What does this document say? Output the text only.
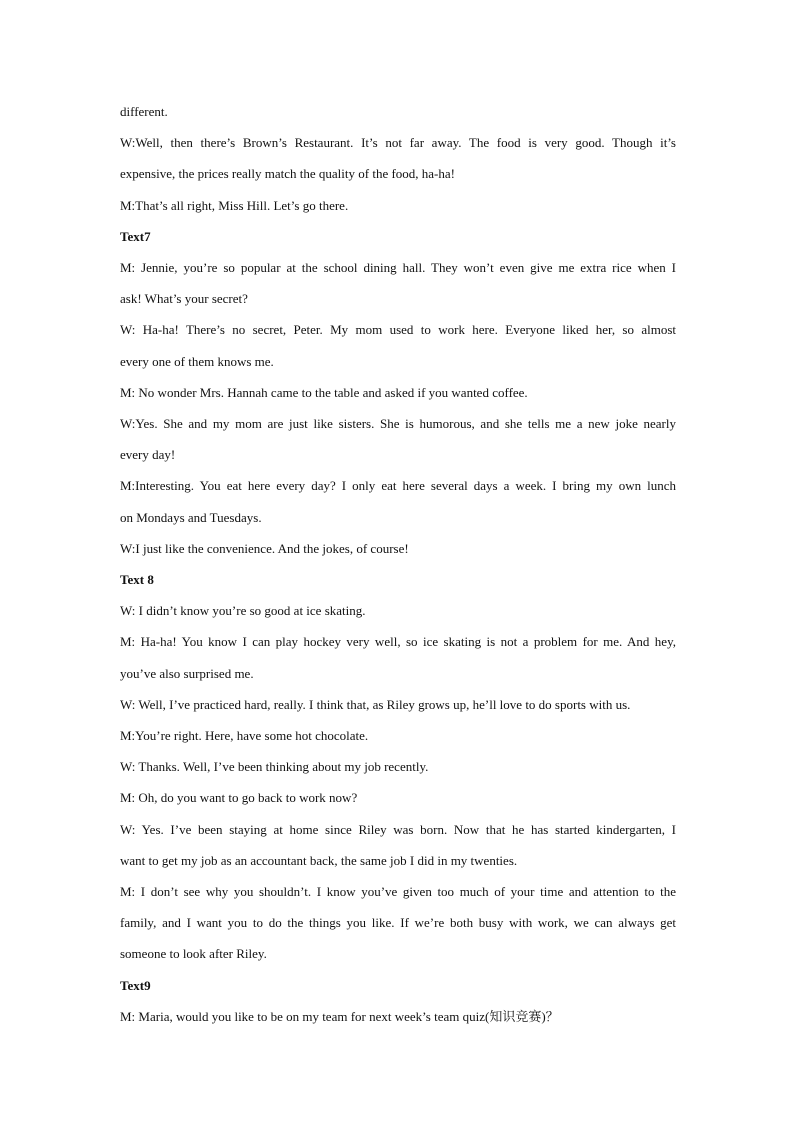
different.
W:Well, then there’s Brown’s Restaurant. It’s not far away. The food is very good. Though it’s
expensive, the prices really match the quality of the food, ha-ha!
M:That’s all right, Miss Hill. Let’s go there.
Text7
M: Jennie, you’re so popular at the school dining hall. They won’t even give me extra rice when I
ask! What’s your secret?
W: Ha-ha! There’s no secret, Peter. My mom used to work here. Everyone liked her, so almost
every one of them knows me.
M: No wonder Mrs. Hannah came to the table and asked if you wanted coffee.
W:Yes. She and my mom are just like sisters. She is humorous, and she tells me a new joke nearly
every day!
M:Interesting. You eat here every day? I only eat here several days a week. I bring my own lunch
on Mondays and Tuesdays.
W:I just like the convenience. And the jokes, of course!
Text 8
W: I didn’t know you’re so good at ice skating.
M: Ha-ha! You know I can play hockey very well, so ice skating is not a problem for me. And hey,
you’ve also surprised me.
W: Well, I’ve practiced hard, really. I think that, as Riley grows up, he’ll love to do sports with us.
M:You’re right. Here, have some hot chocolate.
W: Thanks. Well, I’ve been thinking about my job recently.
M: Oh, do you want to go back to work now?
W: Yes. I’ve been staying at home since Riley was born. Now that he has started kindergarten, I
want to get my job as an accountant back, the same job I did in my twenties.
M: I don’t see why you shouldn’t. I know you’ve given too much of your time and attention to the
family, and I want you to do the things you like. If we’re both busy with work, we can always get
someone to look after Riley.
Text9
M: Maria, would you like to be on my team for next week’s team quiz(知识竞赛)？
